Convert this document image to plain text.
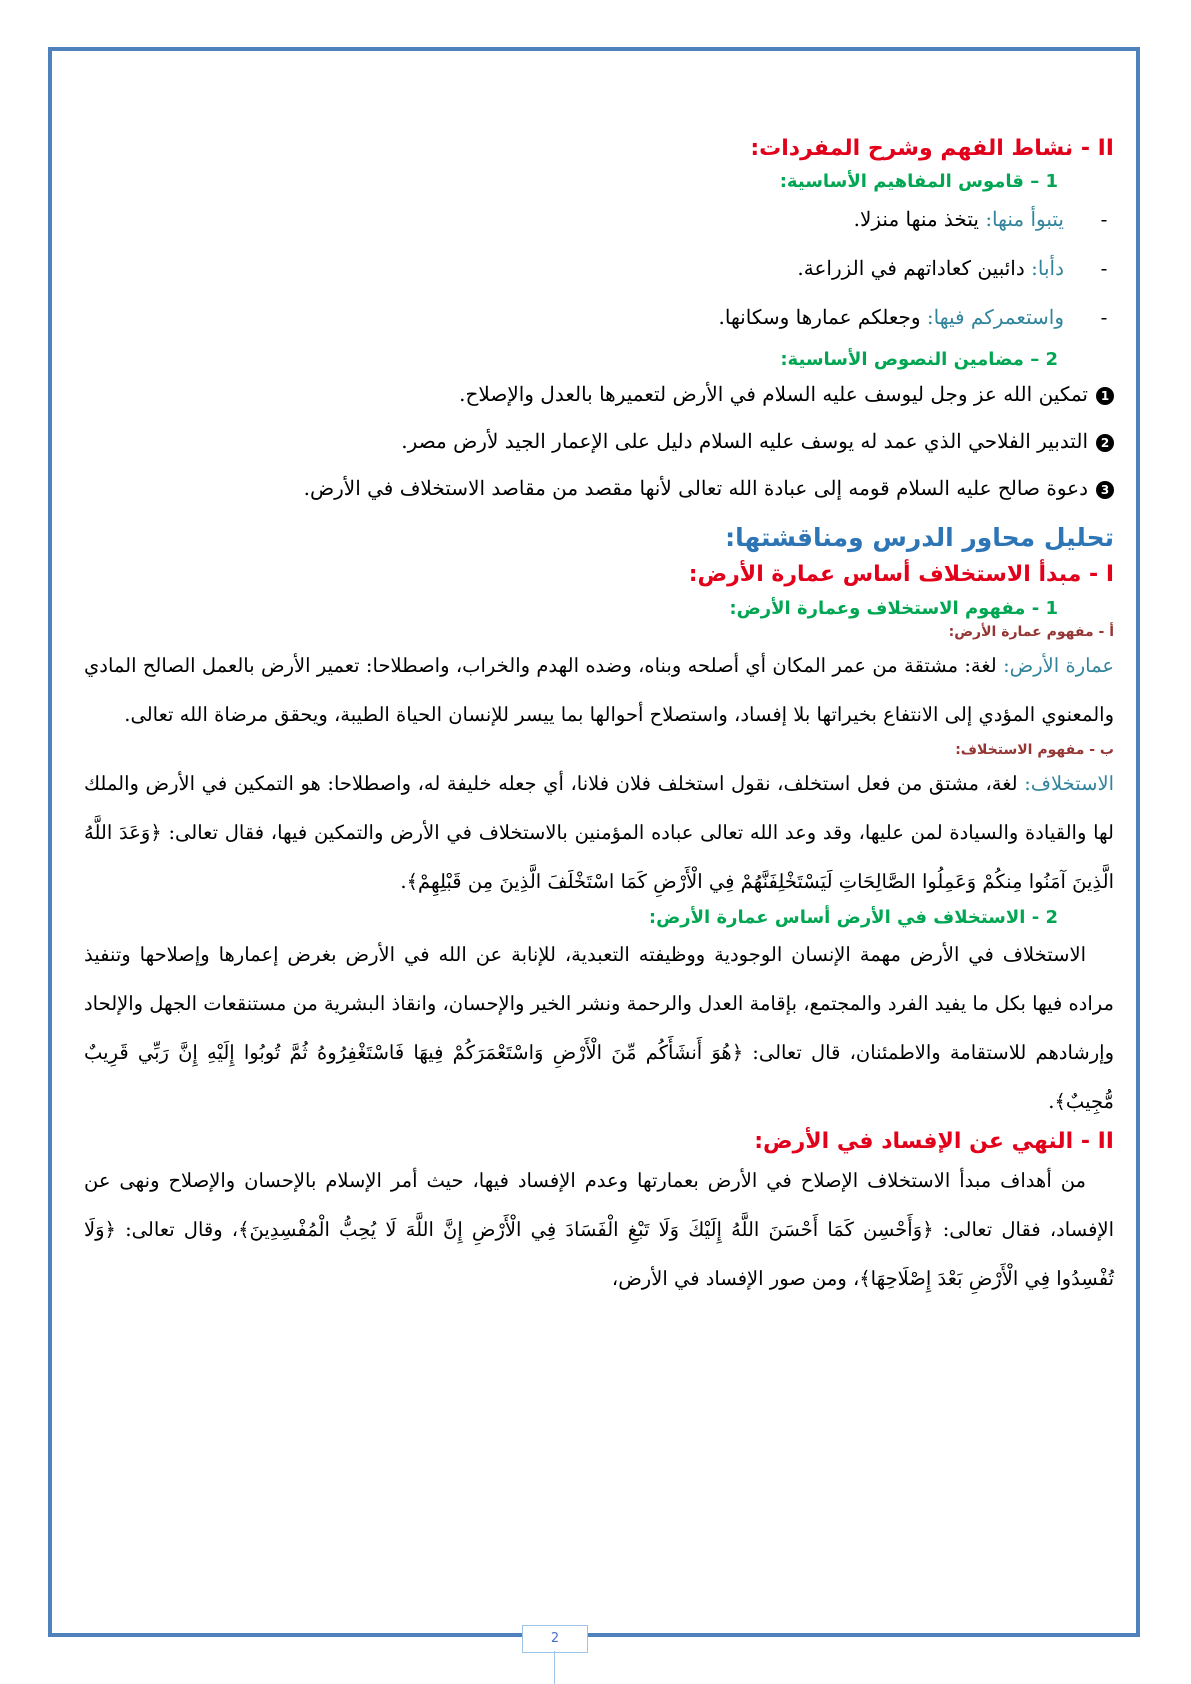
II - نشاط الفهم وشرح المفردات:

1 – قاموس المفاهيم الأساسية:

-
يتبوأ منها: يتخذ منها منزلا.
-
دأبا: دائبين كعاداتهم في الزراعة.
-
واستعمركم فيها: وجعلكم عمارها وسكانها.

2 – مضامين النصوص الأساسية:

1تمكين الله عز وجل ليوسف عليه السلام في الأرض لتعميرها بالعدل والإصلاح.
2التدبير الفلاحي الذي عمد له يوسف عليه السلام دليل على الإعمار الجيد لأرض مصر.
3دعوة صالح عليه السلام قومه إلى عبادة الله تعالى لأنها مقصد من مقاصد الاستخلاف في الأرض.

تحليل محاور الدرس ومناقشتها:

I - مبدأ الاستخلاف أساس عمارة الأرض:

1 - مفهوم الاستخلاف وعمارة الأرض:

أ - مفهوم عمارة الأرض:

عمارة الأرض: لغة: مشتقة من عمر المكان أي أصلحه وبناه، وضده الهدم والخراب، واصطلاحا: تعمير الأرض بالعمل الصالح المادي والمعنوي المؤدي إلى الانتفاع بخيراتها بلا إفساد، واستصلاح أحوالها بما ييسر للإنسان الحياة الطيبة، ويحقق مرضاة الله تعالى.

ب - مفهوم الاستخلاف:

الاستخلاف: لغة، مشتق من فعل استخلف، نقول استخلف فلان فلانا، أي جعله خليفة له، واصطلاحا: هو التمكين في الأرض والملك لها والقيادة والسيادة لمن عليها، وقد وعد الله تعالى عباده المؤمنين بالاستخلاف في الأرض والتمكين فيها، فقال تعالى: ﴿وَعَدَ اللَّهُ الَّذِينَ آمَنُوا مِنكُمْ وَعَمِلُوا الصَّالِحَاتِ لَيَسْتَخْلِفَنَّهُمْ فِي الْأَرْضِ كَمَا اسْتَخْلَفَ الَّذِينَ مِن قَبْلِهِمْ﴾.

2 - الاستخلاف في الأرض أساس عمارة الأرض:

الاستخلاف في الأرض مهمة الإنسان الوجودية ووظيفته التعبدية، للإنابة عن الله في الأرض بغرض إعمارها وإصلاحها وتنفيذ مراده فيها بكل ما يفيد الفرد والمجتمع، بإقامة العدل والرحمة ونشر الخير والإحسان، وانقاذ البشرية من مستنقعات الجهل والإلحاد وإرشادهم للاستقامة والاطمئنان، قال تعالى: ﴿هُوَ أَنشَأَكُم مِّنَ الْأَرْضِ وَاسْتَعْمَرَكُمْ فِيهَا فَاسْتَغْفِرُوهُ ثُمَّ تُوبُوا إِلَيْهِ إِنَّ رَبِّي قَرِيبٌ مُّجِيبٌ﴾.

II - النهي عن الإفساد في الأرض:

من أهداف مبدأ الاستخلاف الإصلاح في الأرض بعمارتها وعدم الإفساد فيها، حيث أمر الإسلام بالإحسان والإصلاح ونهى عن الإفساد، فقال تعالى: ﴿وَأَحْسِن كَمَا أَحْسَنَ اللَّهُ إِلَيْكَ وَلَا تَبْغِ الْفَسَادَ فِي الْأَرْضِ إِنَّ اللَّهَ لَا يُحِبُّ الْمُفْسِدِينَ﴾، وقال تعالى: ﴿وَلَا تُفْسِدُوا فِي الْأَرْضِ بَعْدَ إِصْلَاحِهَا﴾، ومن صور الإفساد في الأرض،

2
